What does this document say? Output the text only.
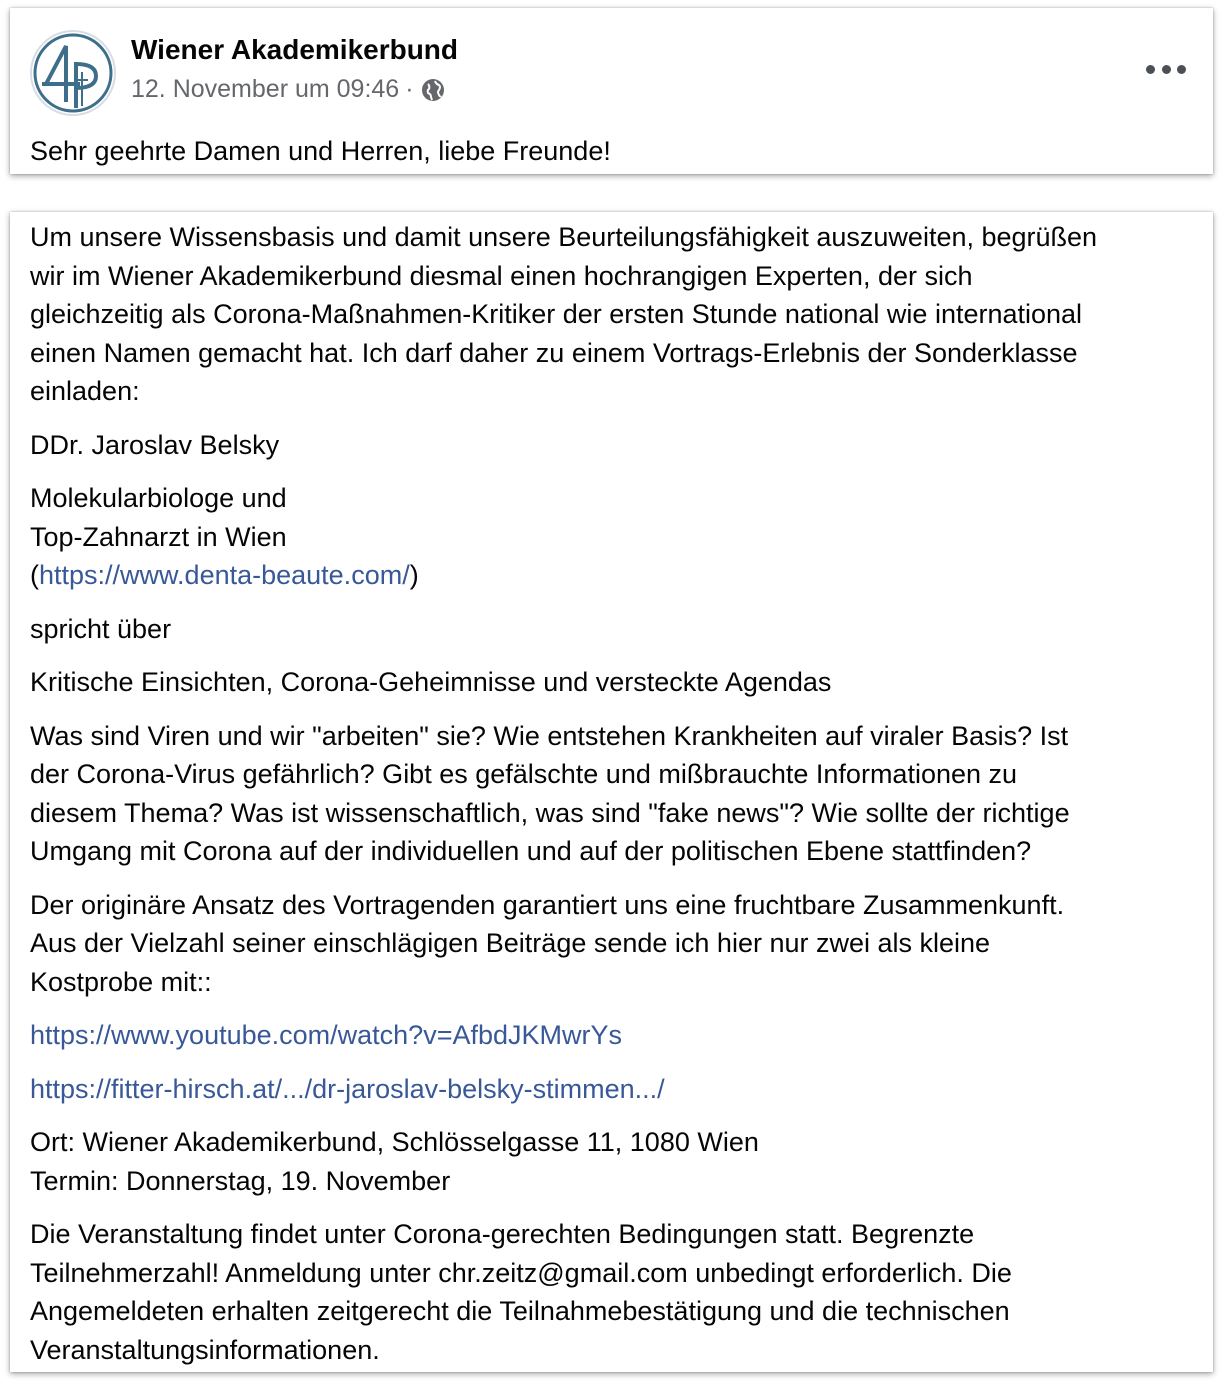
Wiener Akademikerbund
12. November um 09:46 ·
Sehr geehrte Damen und Herren, liebe Freunde!

Um unsere Wissensbasis und damit unsere Beurteilungsfähigkeit auszuweiten, begrüßen
wir im Wiener Akademikerbund diesmal einen hochrangigen Experten, der sich
gleichzeitig als Corona-Maßnahmen-Kritiker der ersten Stunde national wie international
einen Namen gemacht hat. Ich darf daher zu einem Vortrags-Erlebnis der Sonderklasse
einladen:

DDr. Jaroslav Belsky

Molekularbiologe und
Top-Zahnarzt in Wien
(https://www.denta-beaute.com/)

spricht über

Kritische Einsichten, Corona-Geheimnisse und versteckte Agendas

Was sind Viren und wir "arbeiten" sie? Wie entstehen Krankheiten auf viraler Basis? Ist
der Corona-Virus gefährlich? Gibt es gefälschte und mißbrauchte Informationen zu
diesem Thema? Was ist wissenschaftlich, was sind "fake news"? Wie sollte der richtige
Umgang mit Corona auf der individuellen und auf der politischen Ebene stattfinden?

Der originäre Ansatz des Vortragenden garantiert uns eine fruchtbare Zusammenkunft.
Aus der Vielzahl seiner einschlägigen Beiträge sende ich hier nur zwei als kleine
Kostprobe mit::

https://www.youtube.com/watch?v=AfbdJKMwrYs

https://fitter-hirsch.at/.../dr-jaroslav-belsky-stimmen.../

Ort: Wiener Akademikerbund, Schlösselgasse 11, 1080 Wien
Termin: Donnerstag, 19. November

Die Veranstaltung findet unter Corona-gerechten Bedingungen statt. Begrenzte
Teilnehmerzahl! Anmeldung unter chr.zeitz@gmail.com unbedingt erforderlich. Die
Angemeldeten erhalten zeitgerecht die Teilnahmebestätigung und die technischen
Veranstaltungsinformationen.
